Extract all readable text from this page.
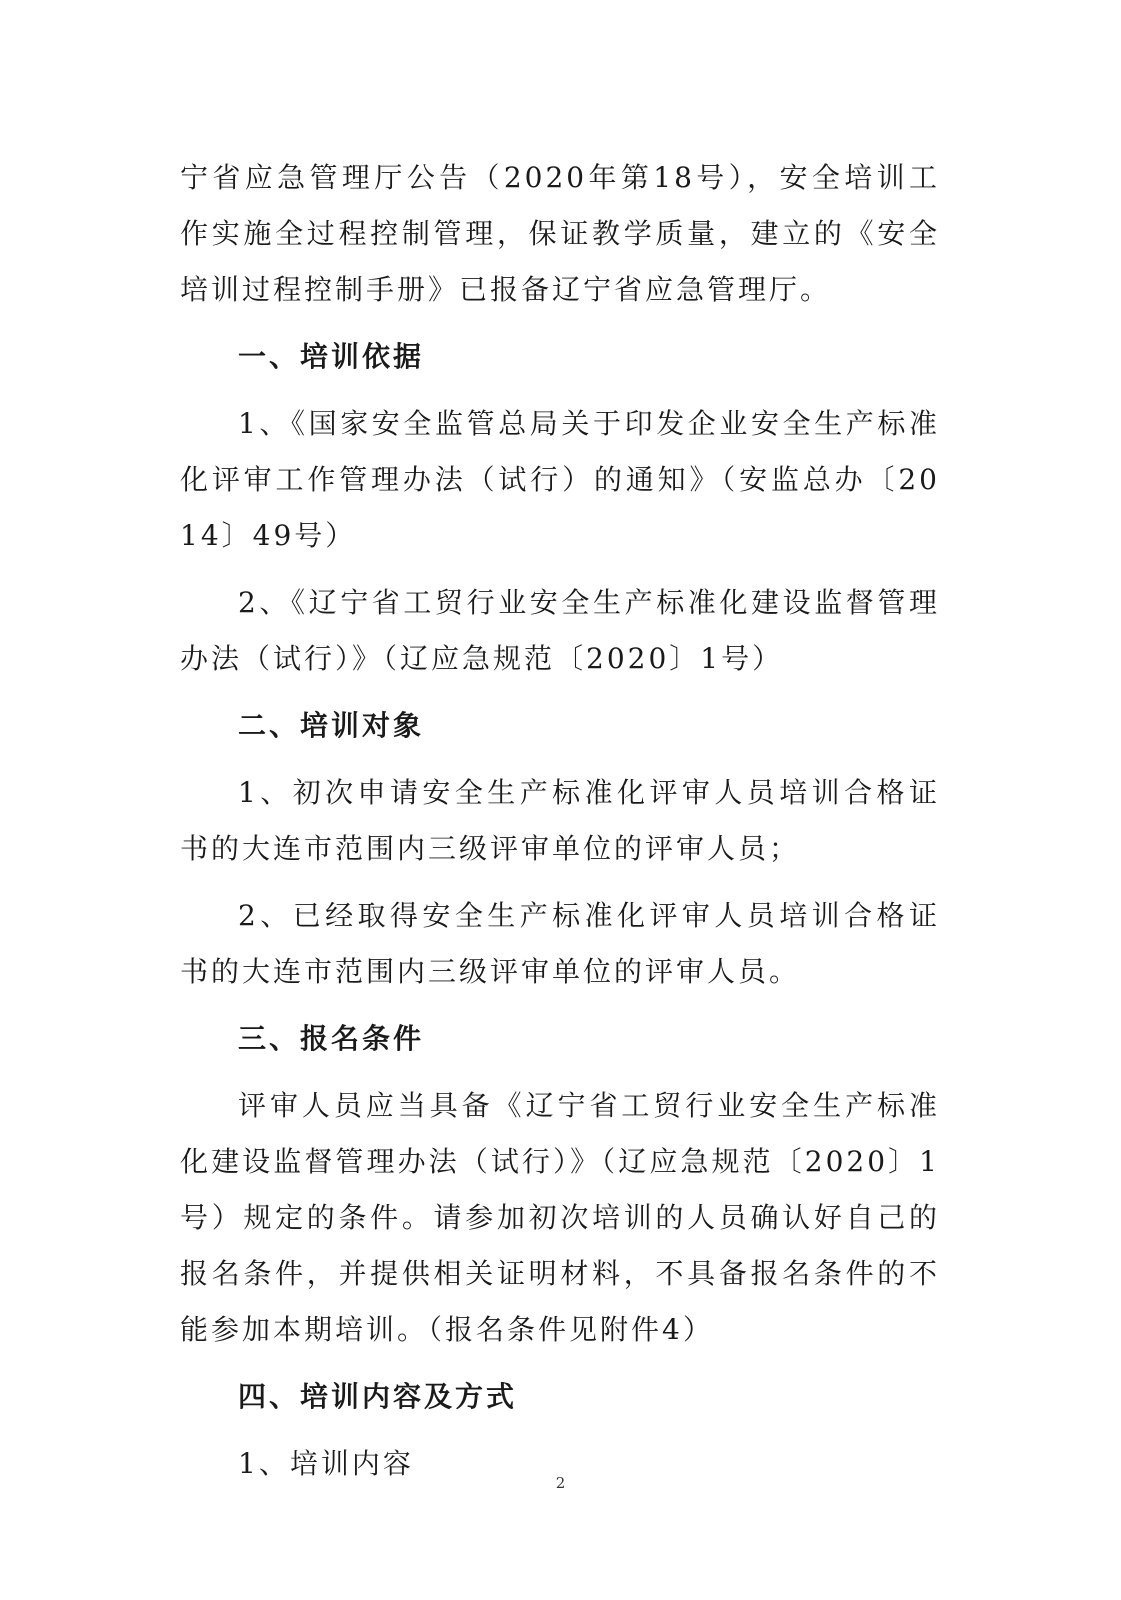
宁省应急管理厅公告（2020年第18号），安全培训工作实施全过程控制管理，保证教学质量，建立的《安全培训过程控制手册》已报备辽宁省应急管理厅。

一、培训依据

1、《国家安全监管总局关于印发企业安全生产标准化评审工作管理办法（试行）的通知》（安监总办〔2014〕49号）

2、《辽宁省工贸行业安全生产标准化建设监督管理办法（试行）》（辽应急规范〔2020〕1号）

二、培训对象

1、初次申请安全生产标准化评审人员培训合格证书的大连市范围内三级评审单位的评审人员；

2、已经取得安全生产标准化评审人员培训合格证书的大连市范围内三级评审单位的评审人员。

三、报名条件

评审人员应当具备《辽宁省工贸行业安全生产标准化建设监督管理办法（试行）》（辽应急规范〔2020〕1号）规定的条件。请参加初次培训的人员确认好自己的报名条件，并提供相关证明材料，不具备报名条件的不能参加本期培训。（报名条件见附件4）

四、培训内容及方式

1、培训内容

2
